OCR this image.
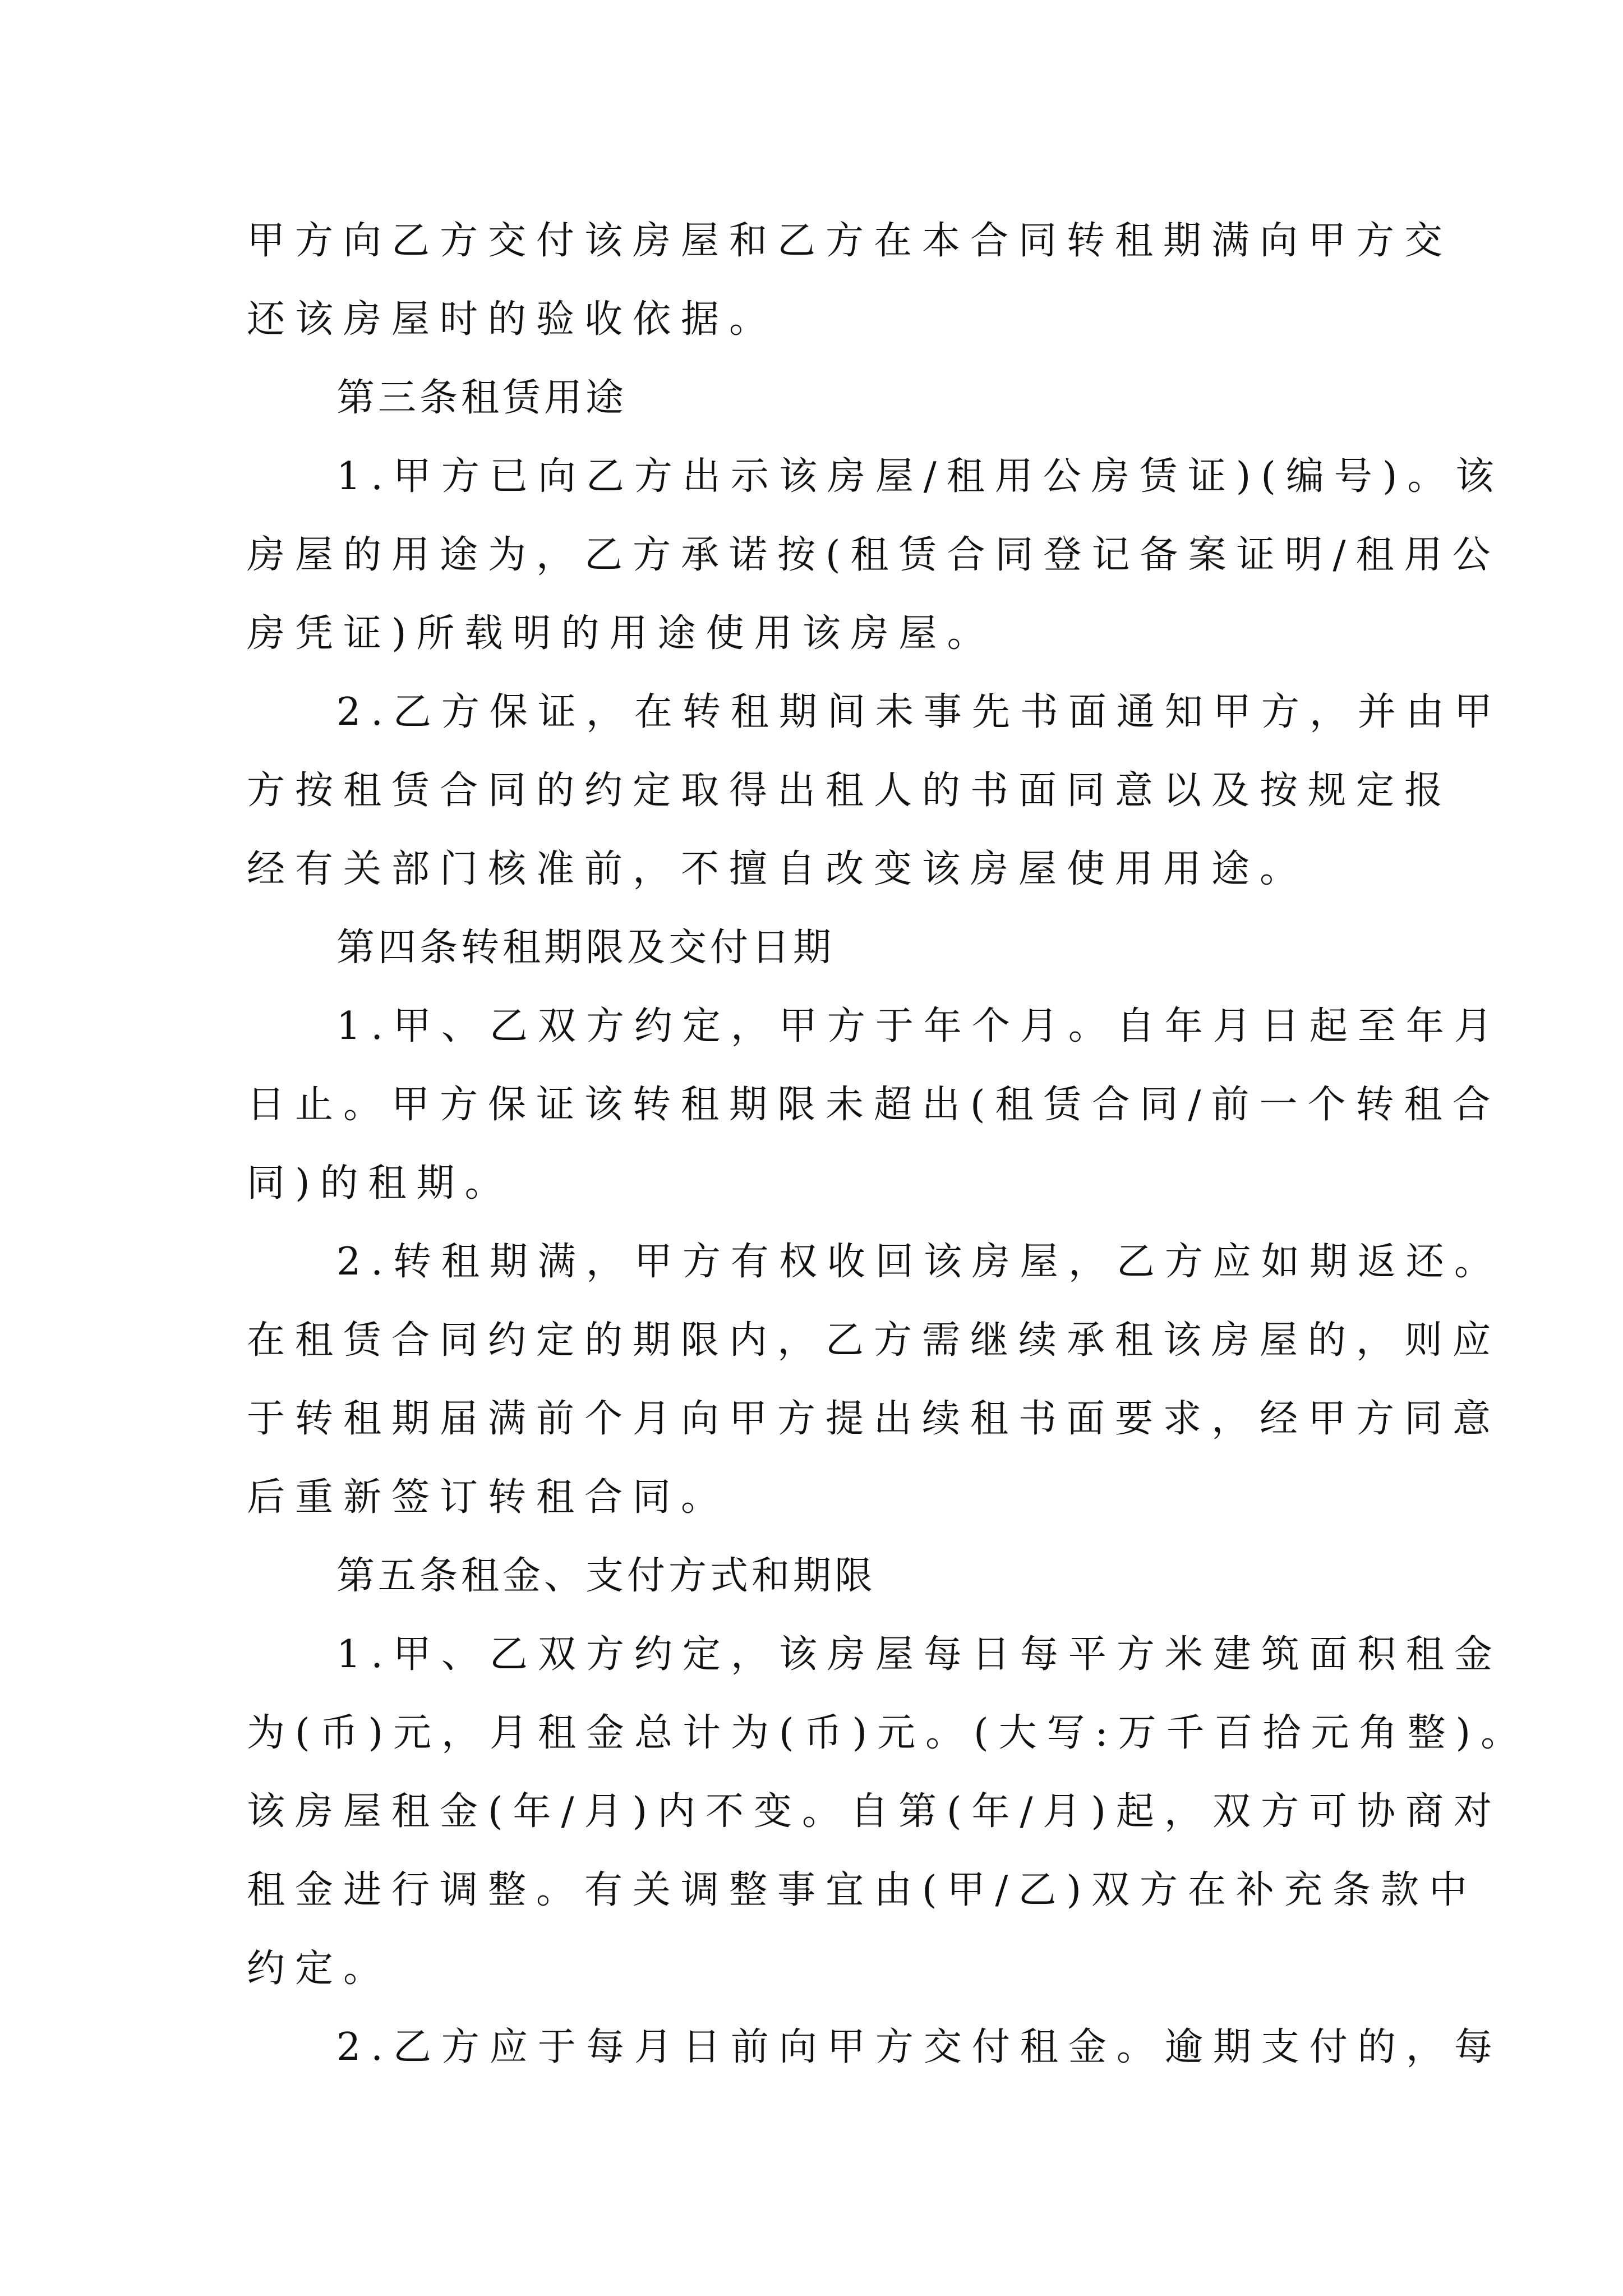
甲方向乙方交付该房屋和乙方在本合同转租期满向甲方交
还该房屋时的验收依据。
第三条租赁用途
1.甲方已向乙方出示该房屋/租用公房赁证)(编号)。该
房屋的用途为，乙方承诺按(租赁合同登记备案证明/租用公
房凭证)所载明的用途使用该房屋。
2.乙方保证，在转租期间未事先书面通知甲方，并由甲
方按租赁合同的约定取得出租人的书面同意以及按规定报
经有关部门核准前，不擅自改变该房屋使用用途。
第四条转租期限及交付日期
1.甲、乙双方约定，甲方于年个月。自年月日起至年月
日止。甲方保证该转租期限未超出(租赁合同/前一个转租合
同)的租期。
2.转租期满，甲方有权收回该房屋，乙方应如期返还。
在租赁合同约定的期限内，乙方需继续承租该房屋的，则应
于转租期届满前个月向甲方提出续租书面要求，经甲方同意
后重新签订转租合同。
第五条租金、支付方式和期限
1.甲、乙双方约定，该房屋每日每平方米建筑面积租金
为(币)元，月租金总计为(币)元。(大写:万千百拾元角整)。
该房屋租金(年/月)内不变。自第(年/月)起，双方可协商对
租金进行调整。有关调整事宜由(甲/乙)双方在补充条款中
约定。
2.乙方应于每月日前向甲方交付租金。逾期支付的，每
